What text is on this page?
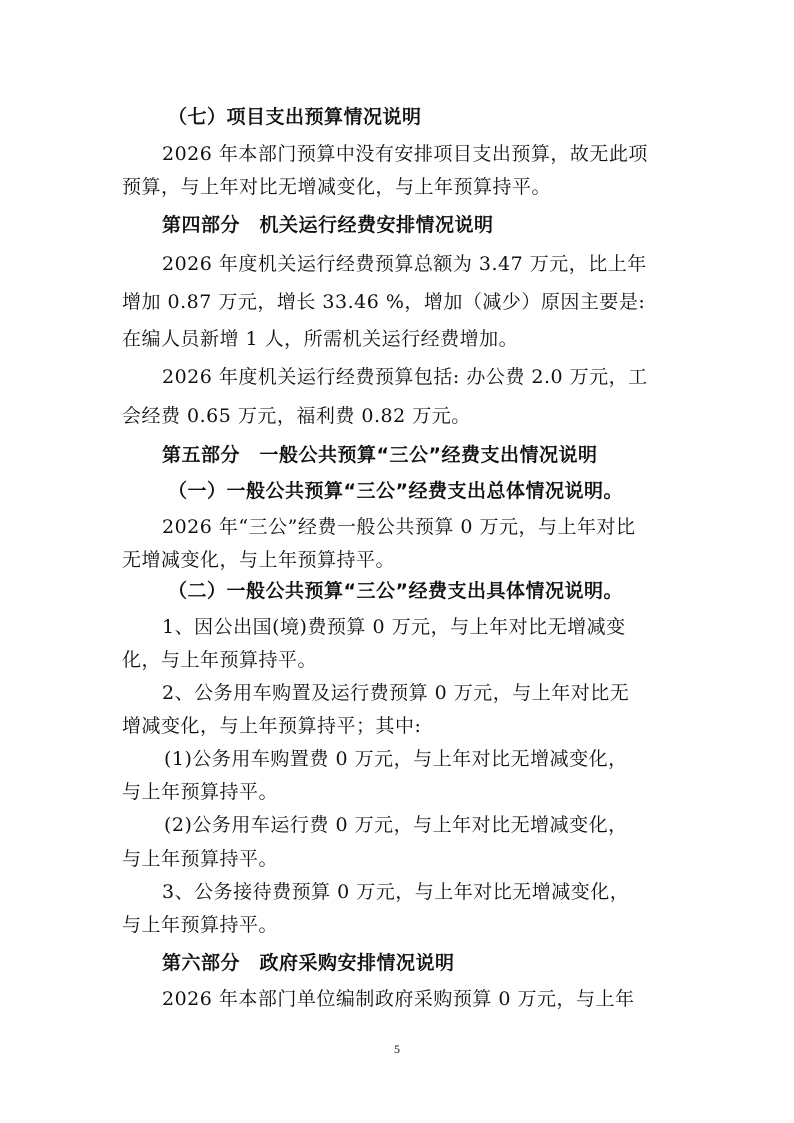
（七）项目支出预算情况说明
2026 年本部门预算中没有安排项目支出预算，故无此项
预算，与上年对比无增减变化，与上年预算持平。
第四部分　机关运行经费安排情况说明
2026 年度机关运行经费预算总额为 3.47 万元，比上年
增加 0.87 万元，增长 33.46 %，增加（减少）原因主要是:
在编人员新增 1 人，所需机关运行经费增加。
2026 年度机关运行经费预算包括: 办公费 2.0 万元，工
会经费 0.65 万元，福利费 0.82 万元。
第五部分　一般公共预算“三公”经费支出情况说明
（一）一般公共预算“三公”经费支出总体情况说明。
2026 年“三公”经费一般公共预算 0 万元，与上年对比
无增减变化，与上年预算持平。
（二）一般公共预算“三公”经费支出具体情况说明。
1、因公出国(境)费预算 0 万元，与上年对比无增减变
化，与上年预算持平。
2、公务用车购置及运行费预算 0 万元，与上年对比无
增减变化，与上年预算持平；其中:
(1)公务用车购置费 0 万元，与上年对比无增减变化，
与上年预算持平。
(2)公务用车运行费 0 万元，与上年对比无增减变化，
与上年预算持平。
3、公务接待费预算 0 万元，与上年对比无增减变化，
与上年预算持平。
第六部分　政府采购安排情况说明
2026 年本部门单位编制政府采购预算 0 万元，与上年
5
